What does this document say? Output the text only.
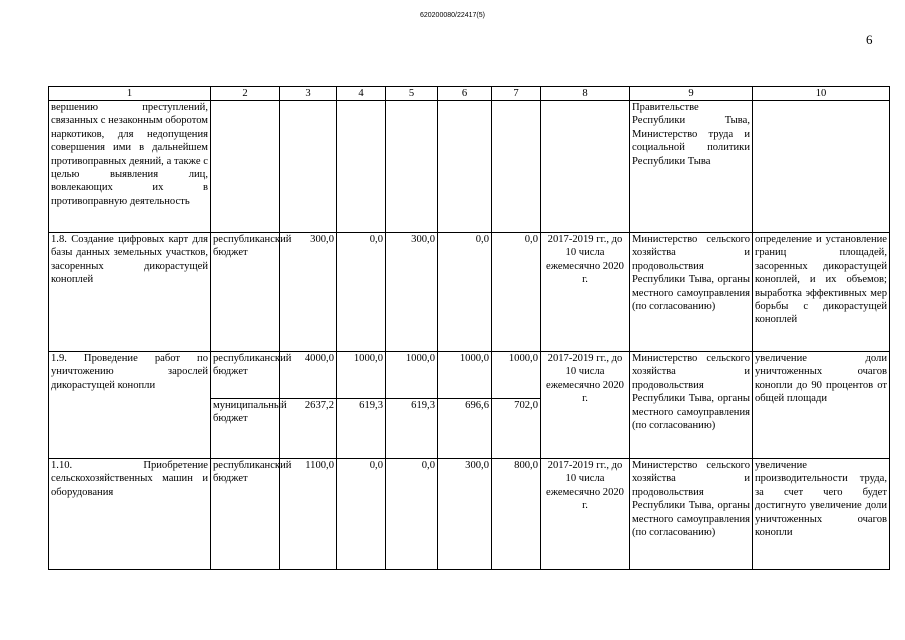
620200080/22417(5)
6
1	2	3	4	5	6	7	8	9	10
вершению преступлений, связанных с незаконным оборотом наркотиков, для недопущения совершения ими в дальнейшем противоправных деяний, а также с целью выявления лиц, вовлекающих их в противоправную деятельность								Правительстве Республики Тыва, Министерство труда и социальной политики Республики Тыва	
1.8. Создание цифровых карт для базы данных земельных участков, засоренных дикорастущей коноплей	республиканский бюджет	300,0	0,0	300,0	0,0	0,0	2017-2019 гг., до 10 числа ежемесячно 2020 г.	Министерство сельского хозяйства и продовольствия Республики Тыва, органы местного самоуправления (по согласованию)	определение и установление границ площадей, засоренных дикорастущей коноплей, и их объемов; выработка эффективных мер борьбы с дикорастущей коноплей
1.9. Проведение работ по уничтожению зарослей дикорастущей конопли	республиканский бюджет	4000,0	1000,0	1000,0	1000,0	1000,0	2017-2019 гг., до 10 числа ежемесячно 2020 г.	Министерство сельского хозяйства и продовольствия Республики Тыва, органы местного самоуправления (по согласованию)	увеличение доли уничтоженных очагов конопли до 90 процентов от общей площади
	муниципальный бюджет	2637,2	619,3	619,3	696,6	702,0			
1.10. Приобретение сельскохозяйственных машин и оборудования	республиканский бюджет	1100,0	0,0	0,0	300,0	800,0	2017-2019 гг., до 10 числа ежемесячно 2020 г.	Министерство сельского хозяйства и продовольствия Республики Тыва, органы местного самоуправления (по согласованию)	увеличение производительности труда, за счет чего будет достигнуто увеличение доли уничтоженных очагов конопли
